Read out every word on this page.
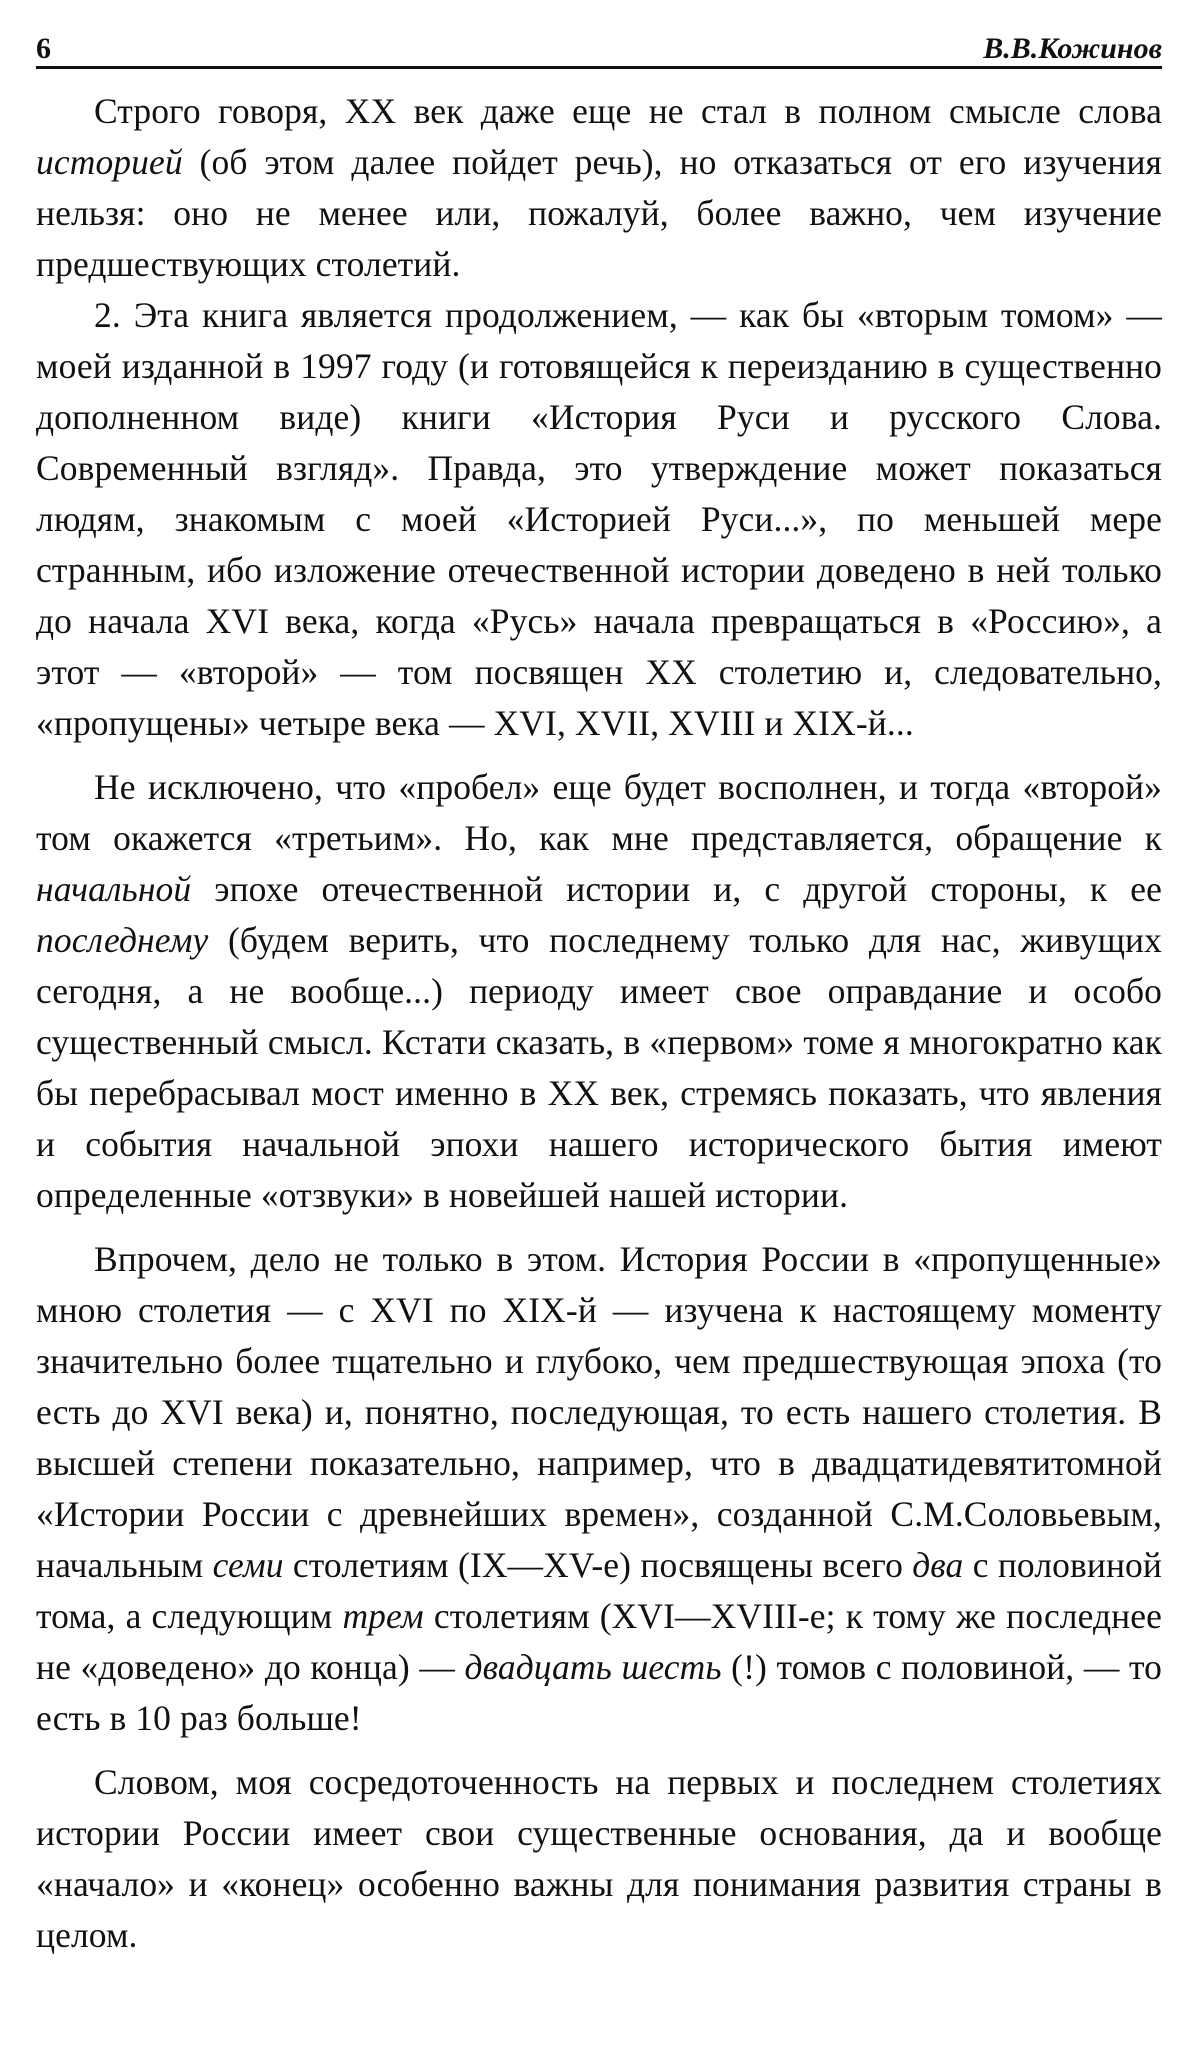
6	В.В.Кожинов

Строго говоря, XX век даже еще не стал в полном смысле слова историей (об этом далее пойдет речь), но отказаться от его изучения нельзя: оно не менее или, пожалуй, более важно, чем изучение предшествующих столетий.

2. Эта книга является продолжением, — как бы «вторым томом» — моей изданной в 1997 году (и готовящейся к переизданию в существенно дополненном виде) книги «История Руси и русского Слова. Современный взгляд». Правда, это утверждение может показаться людям, знакомым с моей «Историей Руси...», по меньшей мере странным, ибо изложение отечественной истории доведено в ней только до начала XVI века, когда «Русь» начала превращаться в «Россию», а этот — «второй» — том посвящен XX столетию и, следовательно, «пропущены» четыре века — XVI, XVII, XVIII и XIX-й...

Не исключено, что «пробел» еще будет восполнен, и тогда «второй» том окажется «третьим». Но, как мне представляется, обращение к начальной эпохе отечественной истории и, с другой стороны, к ее последнему (будем верить, что последнему только для нас, живущих сегодня, а не вообще...) периоду имеет свое оправдание и особо существенный смысл. Кстати сказать, в «первом» томе я многократно как бы перебрасывал мост именно в XX век, стремясь показать, что явления и события начальной эпохи нашего исторического бытия имеют определенные «отзвуки» в новейшей нашей истории.

Впрочем, дело не только в этом. История России в «пропущенные» мною столетия — с XVI по XIX-й — изучена к настоящему моменту значительно более тщательно и глубоко, чем предшествующая эпоха (то есть до XVI века) и, понятно, последующая, то есть нашего столетия. В высшей степени показательно, например, что в двадцатидевятитомной «Истории России с древнейших времен», созданной С.М.Соловьевым, начальным семи столетиям (IX—XV-е) посвящены всего два с половиной тома, а следующим трем столетиям (XVI—XVIII-е; к тому же последнее не «доведено» до конца) — двадцать шесть (!) томов с половиной, — то есть в 10 раз больше!

Словом, моя сосредоточенность на первых и последнем столетиях истории России имеет свои существенные основания, да и вообще «начало» и «конец» особенно важны для понимания развития страны в целом.
